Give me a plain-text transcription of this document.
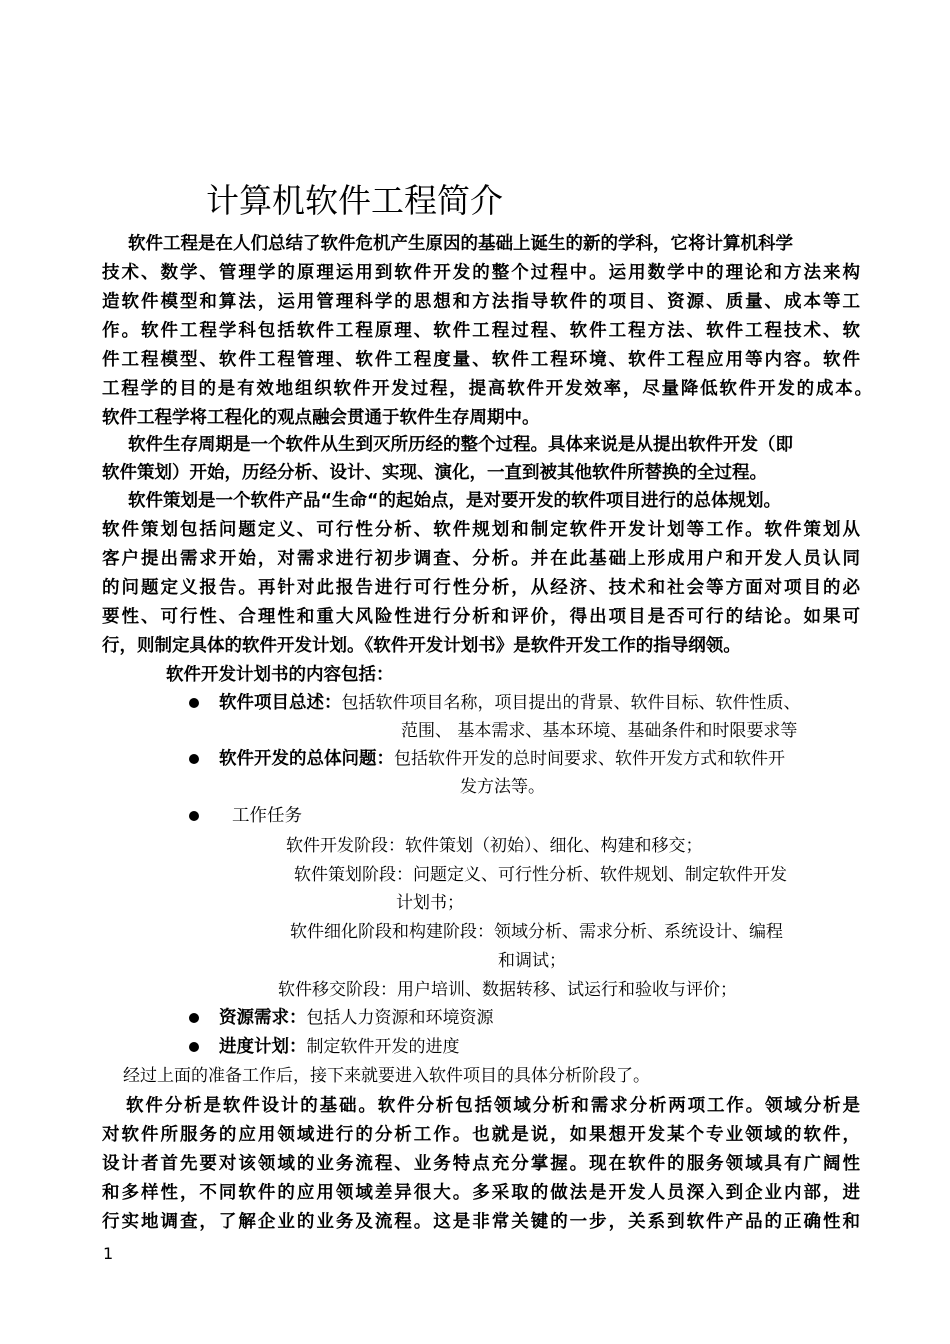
计算机软件工程简介
软件工程是在人们总结了软件危机产生原因的基础上诞生的新的学科，它将计算机科学
技术、数学、管理学的原理运用到软件开发的整个过程中。运用数学中的理论和方法来构
造软件模型和算法，运用管理科学的思想和方法指导软件的项目、资源、质量、成本等工
作。软件工程学科包括软件工程原理、软件工程过程、软件工程方法、软件工程技术、软
件工程模型、软件工程管理、软件工程度量、软件工程环境、软件工程应用等内容。软件
工程学的目的是有效地组织软件开发过程，提高软件开发效率，尽量降低软件开发的成本。
软件工程学将工程化的观点融会贯通于软件生存周期中。
软件生存周期是一个软件从生到灭所历经的整个过程。具体来说是从提出软件开发（即
软件策划）开始，历经分析、设计、实现、演化，一直到被其他软件所替换的全过程。
软件策划是一个软件产品“生命“的起始点，是对要开发的软件项目进行的总体规划。
软件策划包括问题定义、可行性分析、软件规划和制定软件开发计划等工作。软件策划从
客户提出需求开始，对需求进行初步调查、分析。并在此基础上形成用户和开发人员认同
的问题定义报告。再针对此报告进行可行性分析，从经济、技术和社会等方面对项目的必
要性、可行性、合理性和重大风险性进行分析和评价，得出项目是否可行的结论。如果可
行，则制定具体的软件开发计划。《软件开发计划书》是软件开发工作的指导纲领。
软件开发计划书的内容包括：
软件项目总述：包括软件项目名称，项目提出的背景、软件目标、软件性质、
范围、 基本需求、基本环境、基础条件和时限要求等
软件开发的总体问题：包括软件开发的总时间要求、软件开发方式和软件开
发方法等。
工作任务
软件开发阶段：软件策划（初始）、细化、构建和移交；
软件策划阶段：问题定义、可行性分析、软件规划、制定软件开发
计划书；
软件细化阶段和构建阶段：领域分析、需求分析、系统设计、编程
和调试；
软件移交阶段：用户培训、数据转移、试运行和验收与评价；
资源需求：包括人力资源和环境资源
进度计划：制定软件开发的进度
经过上面的准备工作后，接下来就要进入软件项目的具体分析阶段了。
软件分析是软件设计的基础。软件分析包括领域分析和需求分析两项工作。领域分析是
对软件所服务的应用领域进行的分析工作。也就是说，如果想开发某个专业领域的软件，
设计者首先要对该领域的业务流程、业务特点充分掌握。现在软件的服务领域具有广阔性
和多样性，不同软件的应用领域差异很大。多采取的做法是开发人员深入到企业内部，进
行实地调查，了解企业的业务及流程。这是非常关键的一步，关系到软件产品的正确性和
1
